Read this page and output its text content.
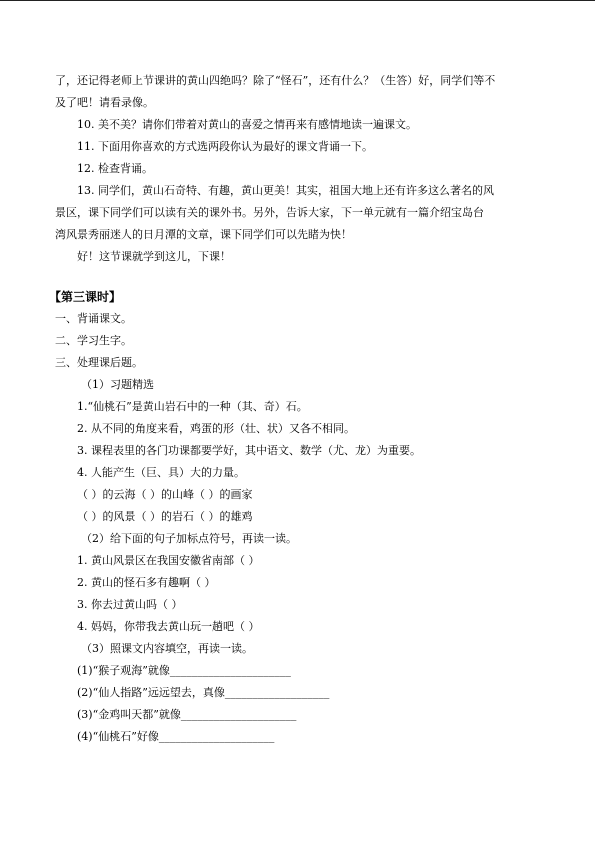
了，还记得老师上节课讲的黄山四绝吗？除了“怪石”，还有什么？（生答）好，同学们等不
及了吧！请看录像。
10. 美不美？请你们带着对黄山的喜爱之情再来有感情地读一遍课文。
11. 下面用你喜欢的方式选两段你认为最好的课文背诵一下。
12. 检查背诵。
13. 同学们，黄山石奇特、有趣，黄山更美！其实，祖国大地上还有许多这么著名的风
景区，课下同学们可以读有关的课外书。另外，告诉大家，下一单元就有一篇介绍宝岛台
湾风景秀丽迷人的日月潭的文章，课下同学们可以先睹为快！
好！这节课就学到这儿，下课！
【第三课时】
一、背诵课文。
二、学习生字。
三、处理课后题。
（1）习题精选
1.“仙桃石”是黄山岩石中的一种（其、奇）石。
2. 从不同的角度来看，鸡蛋的形（壮、状）又各不相同。
3. 课程表里的各门功课都要学好，其中语文、数学（尤、龙）为重要。
4. 人能产生（巨、具）大的力量。
（ ）的云海（ ）的山峰（ ）的画家
（ ）的风景（ ）的岩石（ ）的雄鸡
（2）给下面的句子加标点符号，再读一读。
1. 黄山风景区在我国安徽省南部（ ）
2. 黄山的怪石多有趣啊（ ）
3. 你去过黄山吗（ ）
4. 妈妈，你带我去黄山玩一趟吧（ ）
（3）照课文内容填空，再读一读。
(1)“猴子观海”就像______________________
(2)“仙人指路”远远望去，真像___________________
(3)“金鸡叫天都”就像_____________________
(4)“仙桃石”好像_____________________
